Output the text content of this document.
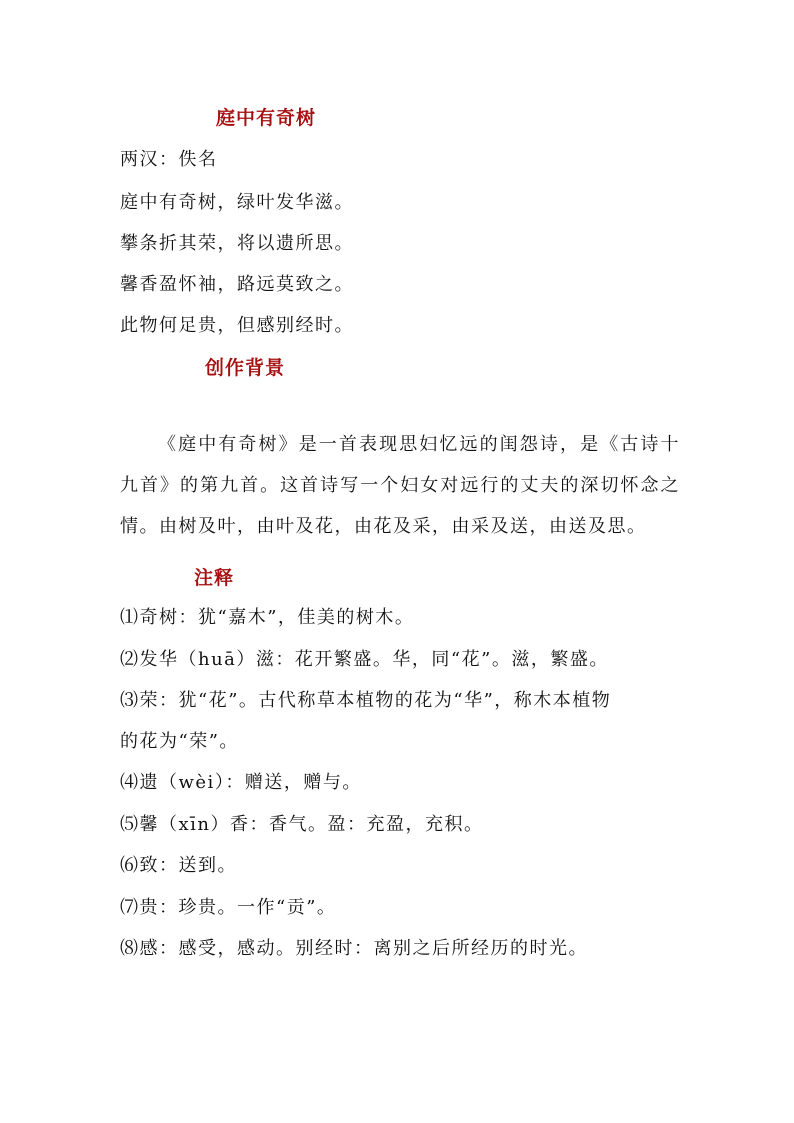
庭中有奇树
两汉：佚名
庭中有奇树，绿叶发华滋。
攀条折其荣，将以遗所思。
馨香盈怀袖，路远莫致之。
此物何足贵，但感别经时。
创作背景

《庭中有奇树》是一首表现思妇忆远的闺怨诗，是《古诗十九首》的第九首。这首诗写一个妇女对远行的丈夫的深切怀念之情。由树及叶，由叶及花，由花及采，由采及送，由送及思。

注释
⑴奇树：犹“嘉木”，佳美的树木。
⑵发华（huā）滋：花开繁盛。华，同“花”。滋，繁盛。
⑶荣：犹“花”。古代称草本植物的花为“华”，称木本植物
的花为“荣”。
⑷遗（wèi）：赠送，赠与。
⑸馨（xīn）香：香气。盈：充盈，充积。
⑹致：送到。
⑺贵：珍贵。一作“贡”。
⑻感：感受，感动。别经时：离别之后所经历的时光。
